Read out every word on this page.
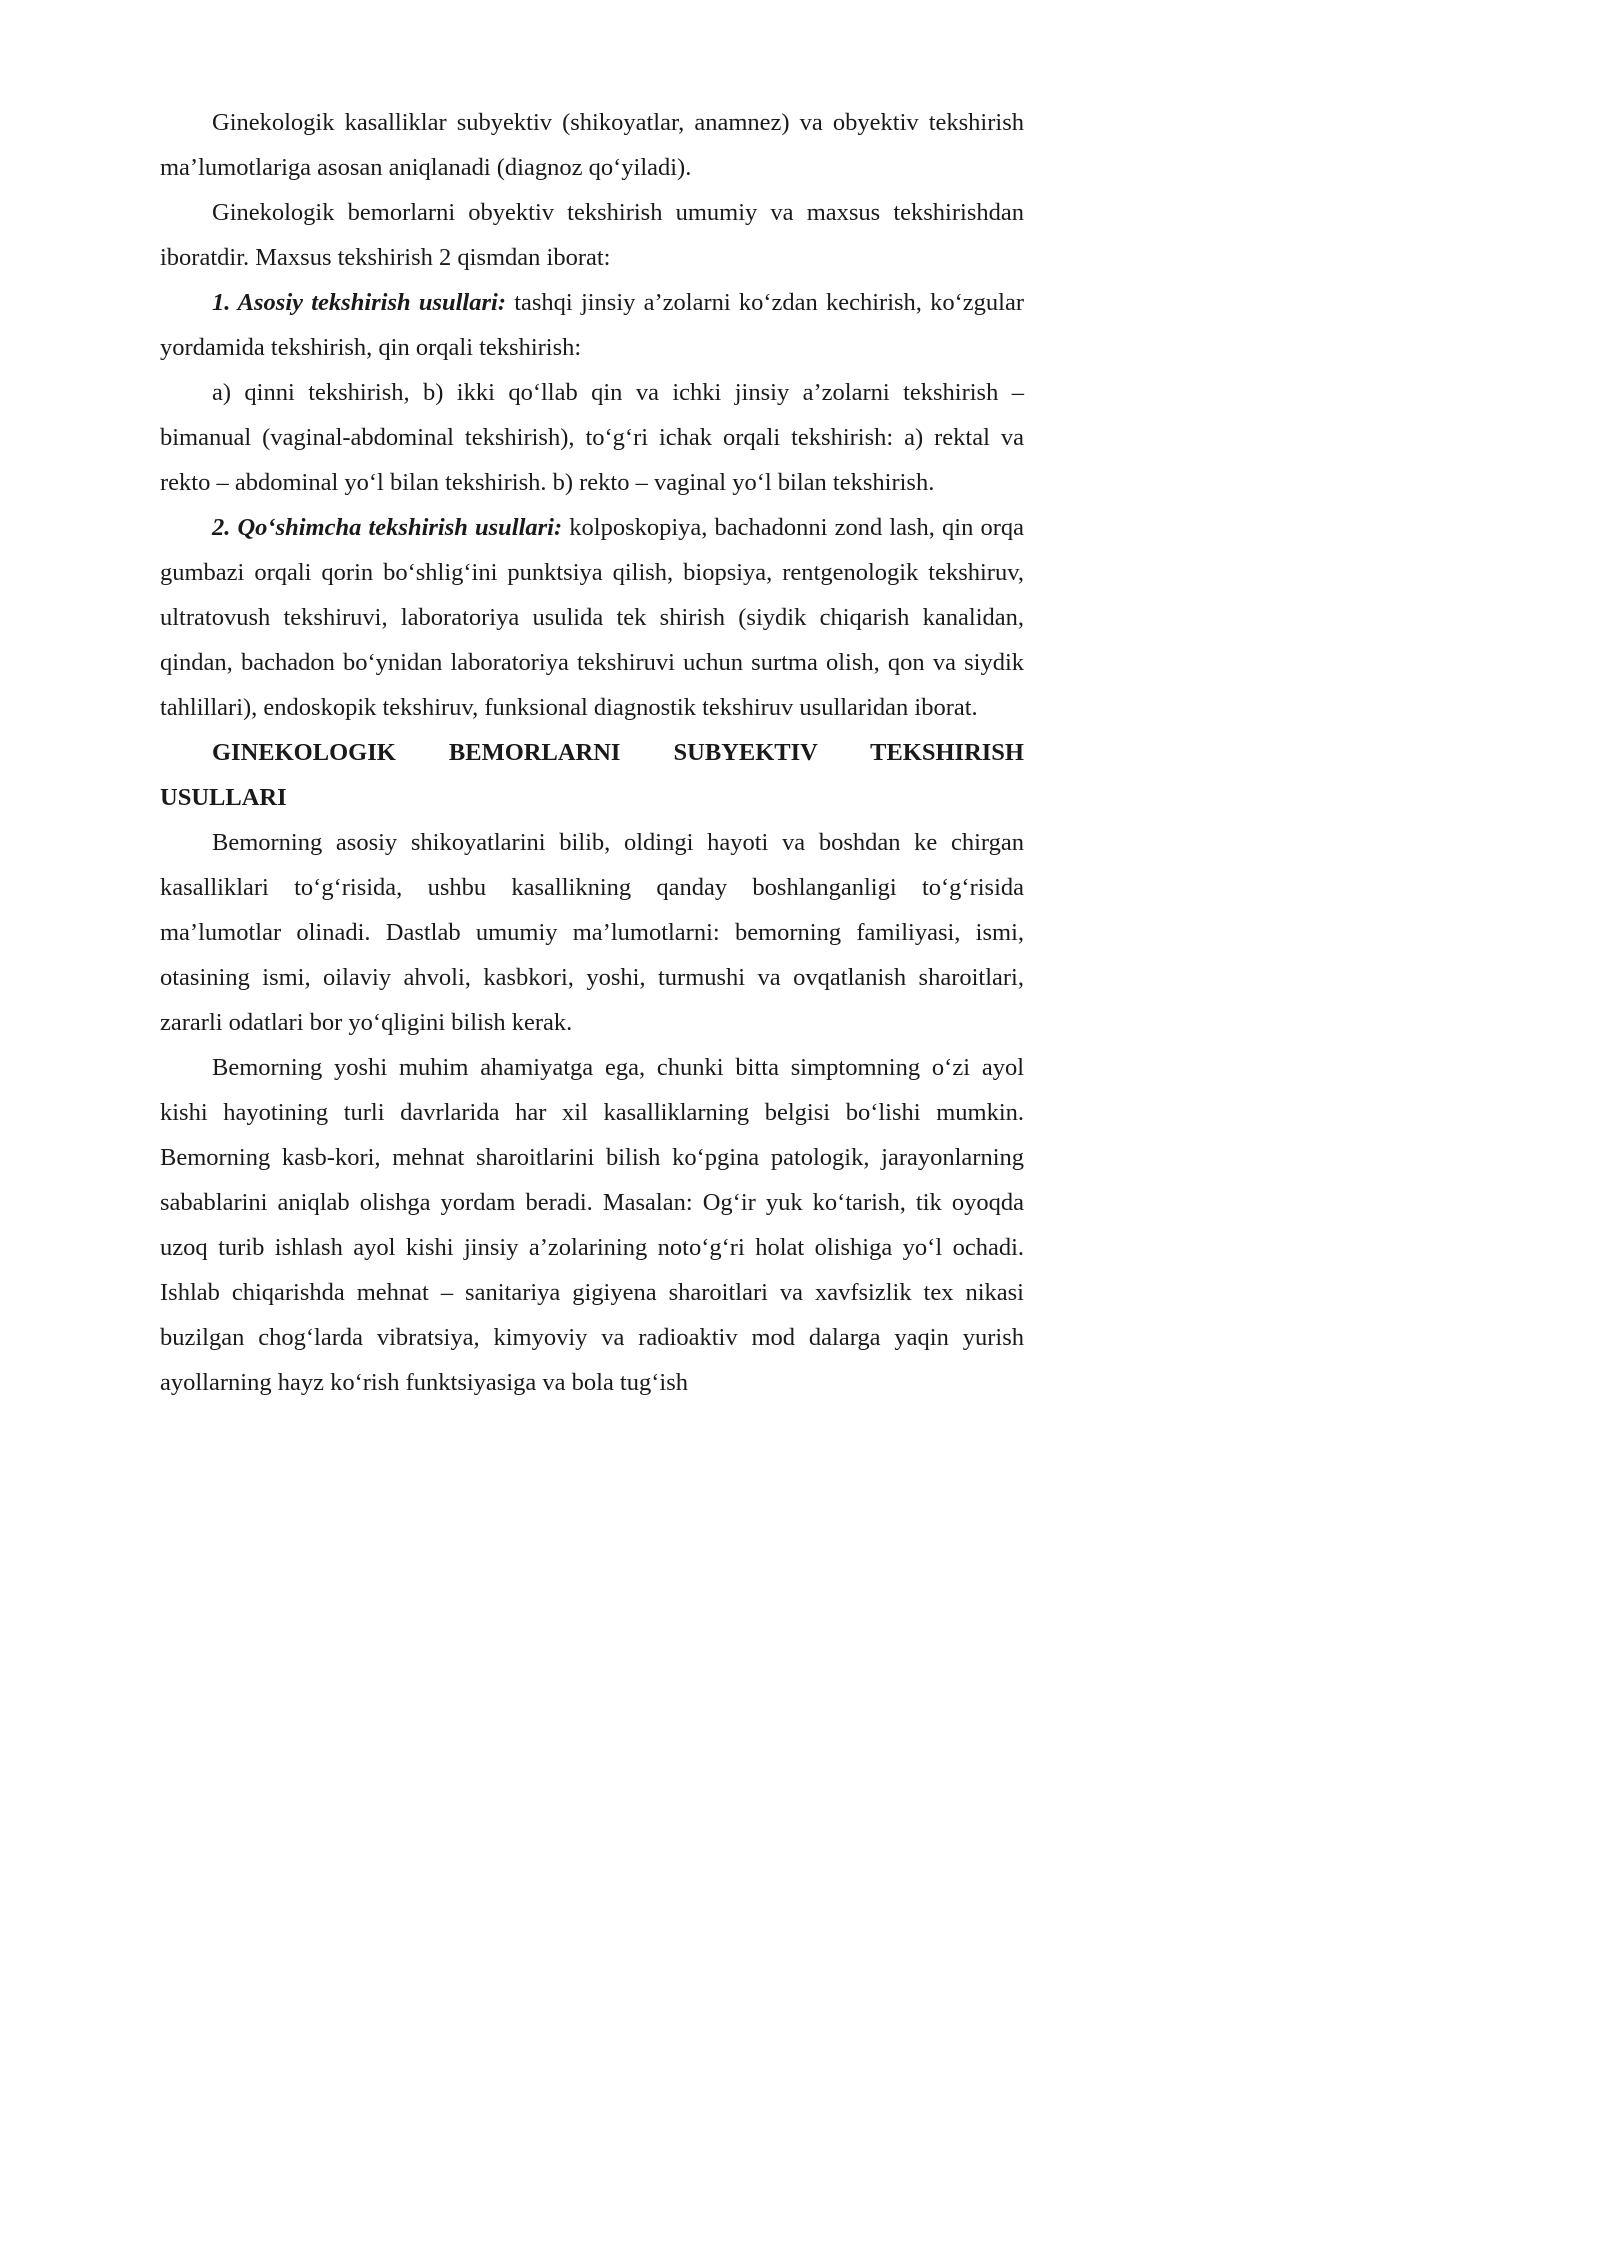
Ginekologik kasalliklar subyektiv (shikoyatlar, anamnez) va obyektiv tekshirish ma’lumotlariga asosan aniqlanadi (diagnoz qo‘yiladi).

Ginekologik bemorlarni obyektiv tekshirish umumiy va maxsus tekshirishdan iboratdir. Maxsus tekshirish 2 qismdan iborat:

1. Asosiy tekshirish usullari: tashqi jinsiy a’zolarni ko‘zdan kechirish, ko‘zgular yordamida tekshirish, qin orqali tekshirish:

a) qinni tekshirish, b) ikki qo‘llab qin va ichki jinsiy a’zolarni tekshirish – bimanual (vaginal-abdominal tekshirish), to‘g‘ri ichak orqali tekshirish: a) rektal va rekto – abdominal yo‘l bilan tekshirish. b) rekto – vaginal yo‘l bilan tekshirish.

2. Qo‘shimcha tekshirish usullari: kolposkopiya, bachadonni zond lash, qin orqa gumbazi orqali qorin bo‘shlig‘ini punktsiya qilish, biopsiya, rentgenologik tekshiruv, ultratovush tekshiruvi, laboratoriya usulida tek shirish (siydik chiqarish kanalidan, qindan, bachadon bo‘ynidan laboratoriya tekshiruvi uchun surtma olish, qon va siydik tahlillari), endoskopik tekshiruv, funksional diagnostik tekshiruv usullaridan iborat.

GINEKOLOGIK BEMORLARNI SUBYEKTIV TEKSHIRISH

USULLARI

Bemorning asosiy shikoyatlarini bilib, oldingi hayoti va boshdan ke chirgan kasalliklari to‘g‘risida, ushbu kasallikning qanday boshlanganligi to‘g‘risida ma’lumotlar olinadi. Dastlab umumiy ma’lumotlarni: bemorning familiyasi, ismi, otasining ismi, oilaviy ahvoli, kasbkori, yoshi, turmushi va ovqatlanish sharoitlari, zararli odatlari bor yo‘qligini bilish kerak.

Bemorning yoshi muhim ahamiyatga ega, chunki bitta simptomning o‘zi ayol kishi hayotining turli davrlarida har xil kasalliklarning belgisi bo‘lishi mumkin. Bemorning kasb-kori, mehnat sharoitlarini bilish ko‘pgina patologik, jarayonlarning sabablarini aniqlab olishga yordam beradi. Masalan: Og‘ir yuk ko‘tarish, tik oyoqda uzoq turib ishlash ayol kishi jinsiy a’zolarining noto‘g‘ri holat olishiga yo‘l ochadi. Ishlab chiqarishda mehnat – sanitariya gigiyena sharoitlari va xavfsizlik tex nikasi buzilgan chog‘larda vibratsiya, kimyoviy va radioaktiv mod dalarga yaqin yurish ayollarning hayz ko‘rish funktsiyasiga va bola tug‘ish
